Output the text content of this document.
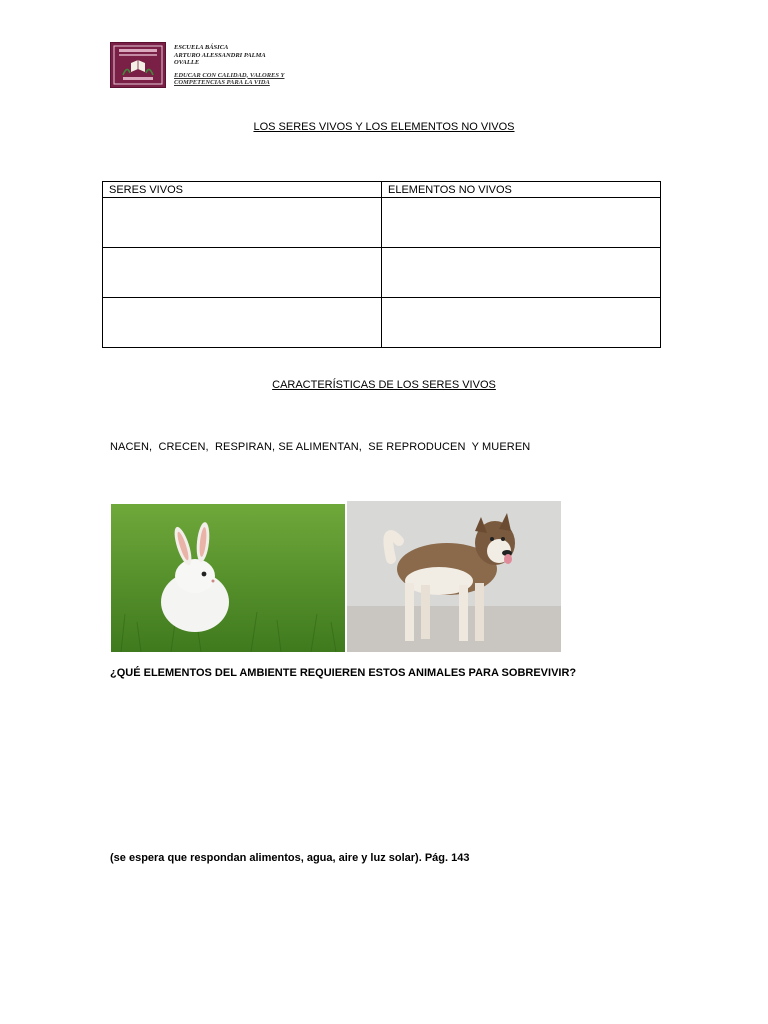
ESCUELA BÁSICA
ARTURO ALESSANDRI PALMA
OVALLE
EDUCAR CON CALIDAD, VALORES Y
COMPETENCIAS PARA LA VIDA
LOS SERES VIVOS Y LOS ELEMENTOS NO VIVOS
SERES VIVOS	ELEMENTOS NO VIVOS

CARACTERÍSTICAS DE LOS SERES VIVOS
NACEN,  CRECEN,  RESPIRAN, SE ALIMENTAN,  SE REPRODUCEN  Y MUEREN
¿QUÉ ELEMENTOS DEL AMBIENTE REQUIEREN ESTOS ANIMALES PARA SOBREVIVIR?
(se espera que respondan alimentos, agua, aire y luz solar). Pág. 143
